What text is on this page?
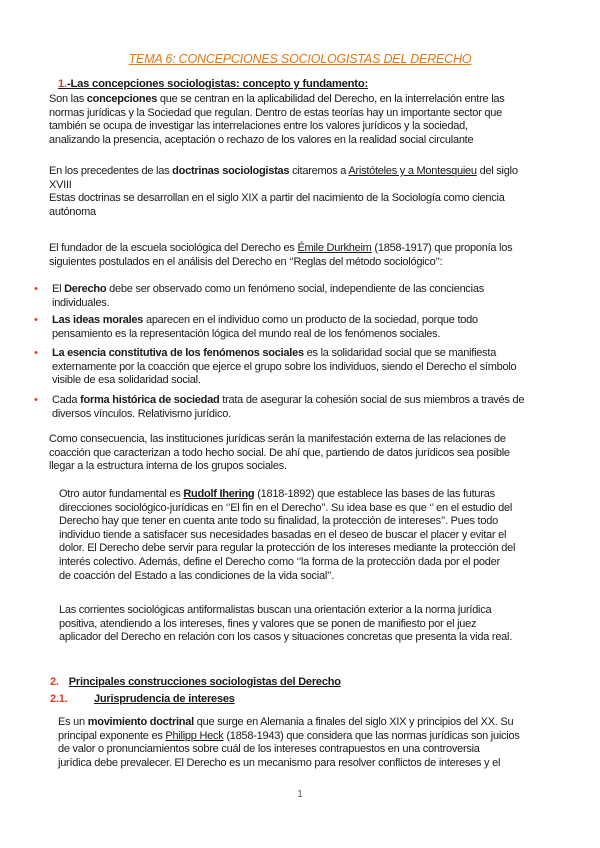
TEMA 6: CONCEPCIONES SOCIOLOGISTAS DEL DERECHO
1.-Las concepciones sociologistas: concepto y fundamento:
Son las concepciones que se centran en la aplicabilidad del Derecho, en la interrelación entre las
normas jurídicas y la Sociedad que regulan. Dentro de estas teorías hay un importante sector que
también se ocupa de investigar las interrelaciones entre los valores jurídicos y la sociedad,
analizando la presencia, aceptación o rechazo de los valores en la realidad social circulante
En los precedentes de las doctrinas sociologistas citaremos a Aristóteles y a Montesquieu del siglo
XVIII
Estas doctrinas se desarrollan en el siglo XIX a partir del nacimiento de la Sociología como ciencia
autónoma
El fundador de la escuela sociológica del Derecho es Émile Durkheim (1858-1917) que proponía los
siguientes postulados en el análisis del Derecho en ‘’Reglas del método sociológico’’:
• El Derecho debe ser observado como un fenómeno social, independiente de las conciencias
individuales.
• Las ideas morales aparecen en el individuo como un producto de la sociedad, porque todo
pensamiento es la representación lógica del mundo real de los fenómenos sociales.
• La esencia constitutiva de los fenómenos sociales es la solidaridad social que se manifiesta
externamente por la coacción que ejerce el grupo sobre los individuos, siendo el Derecho el símbolo
visible de esa solidaridad social.
• Cada forma histórica de sociedad trata de asegurar la cohesión social de sus miembros a través de
diversos vínculos. Relativismo jurídico.
Como consecuencia, las instituciones jurídicas serán la manifestación externa de las relaciones de
coacción que caracterizan a todo hecho social. De ahí que, partiendo de datos jurídicos sea posible
llegar a la estructura interna de los grupos sociales.
Otro autor fundamental es Rudolf Ihering (1818-1892) que establece las bases de las futuras
direcciones sociológico-jurídicas en ‘’El fin en el Derecho’’. Su idea base es que ‘’ en el estudio del
Derecho hay que tener en cuenta ante todo su finalidad, la protección de intereses’’. Pues todo
individuo tiende a satisfacer sus necesidades basadas en el deseo de buscar el placer y evitar el
dolor. El Derecho debe servir para regular la protección de los intereses mediante la protección del
interés colectivo. Además, define el Derecho como ‘’la forma de la protección dada por el poder
de coacción del Estado a las condiciones de la vida social’’.
Las corrientes sociológicas antiformalistas buscan una orientación exterior a la norma jurídica
positiva, atendiendo a los intereses, fines y valores que se ponen de manifiesto por el juez
aplicador del Derecho en relación con los casos y situaciones concretas que presenta la vida real.
2. Principales construcciones sociologistas del Derecho
2.1. Jurisprudencia de intereses
Es un movimiento doctrinal que surge en Alemania a finales del siglo XIX y principios del XX. Su
principal exponente es Philipp Heck (1858-1943) que considera que las normas jurídicas son juicios
de valor o pronunciamientos sobre cuál de los intereses contrapuestos en una controversia
jurídica debe prevalecer. El Derecho es un mecanismo para resolver conflictos de intereses y el
1
